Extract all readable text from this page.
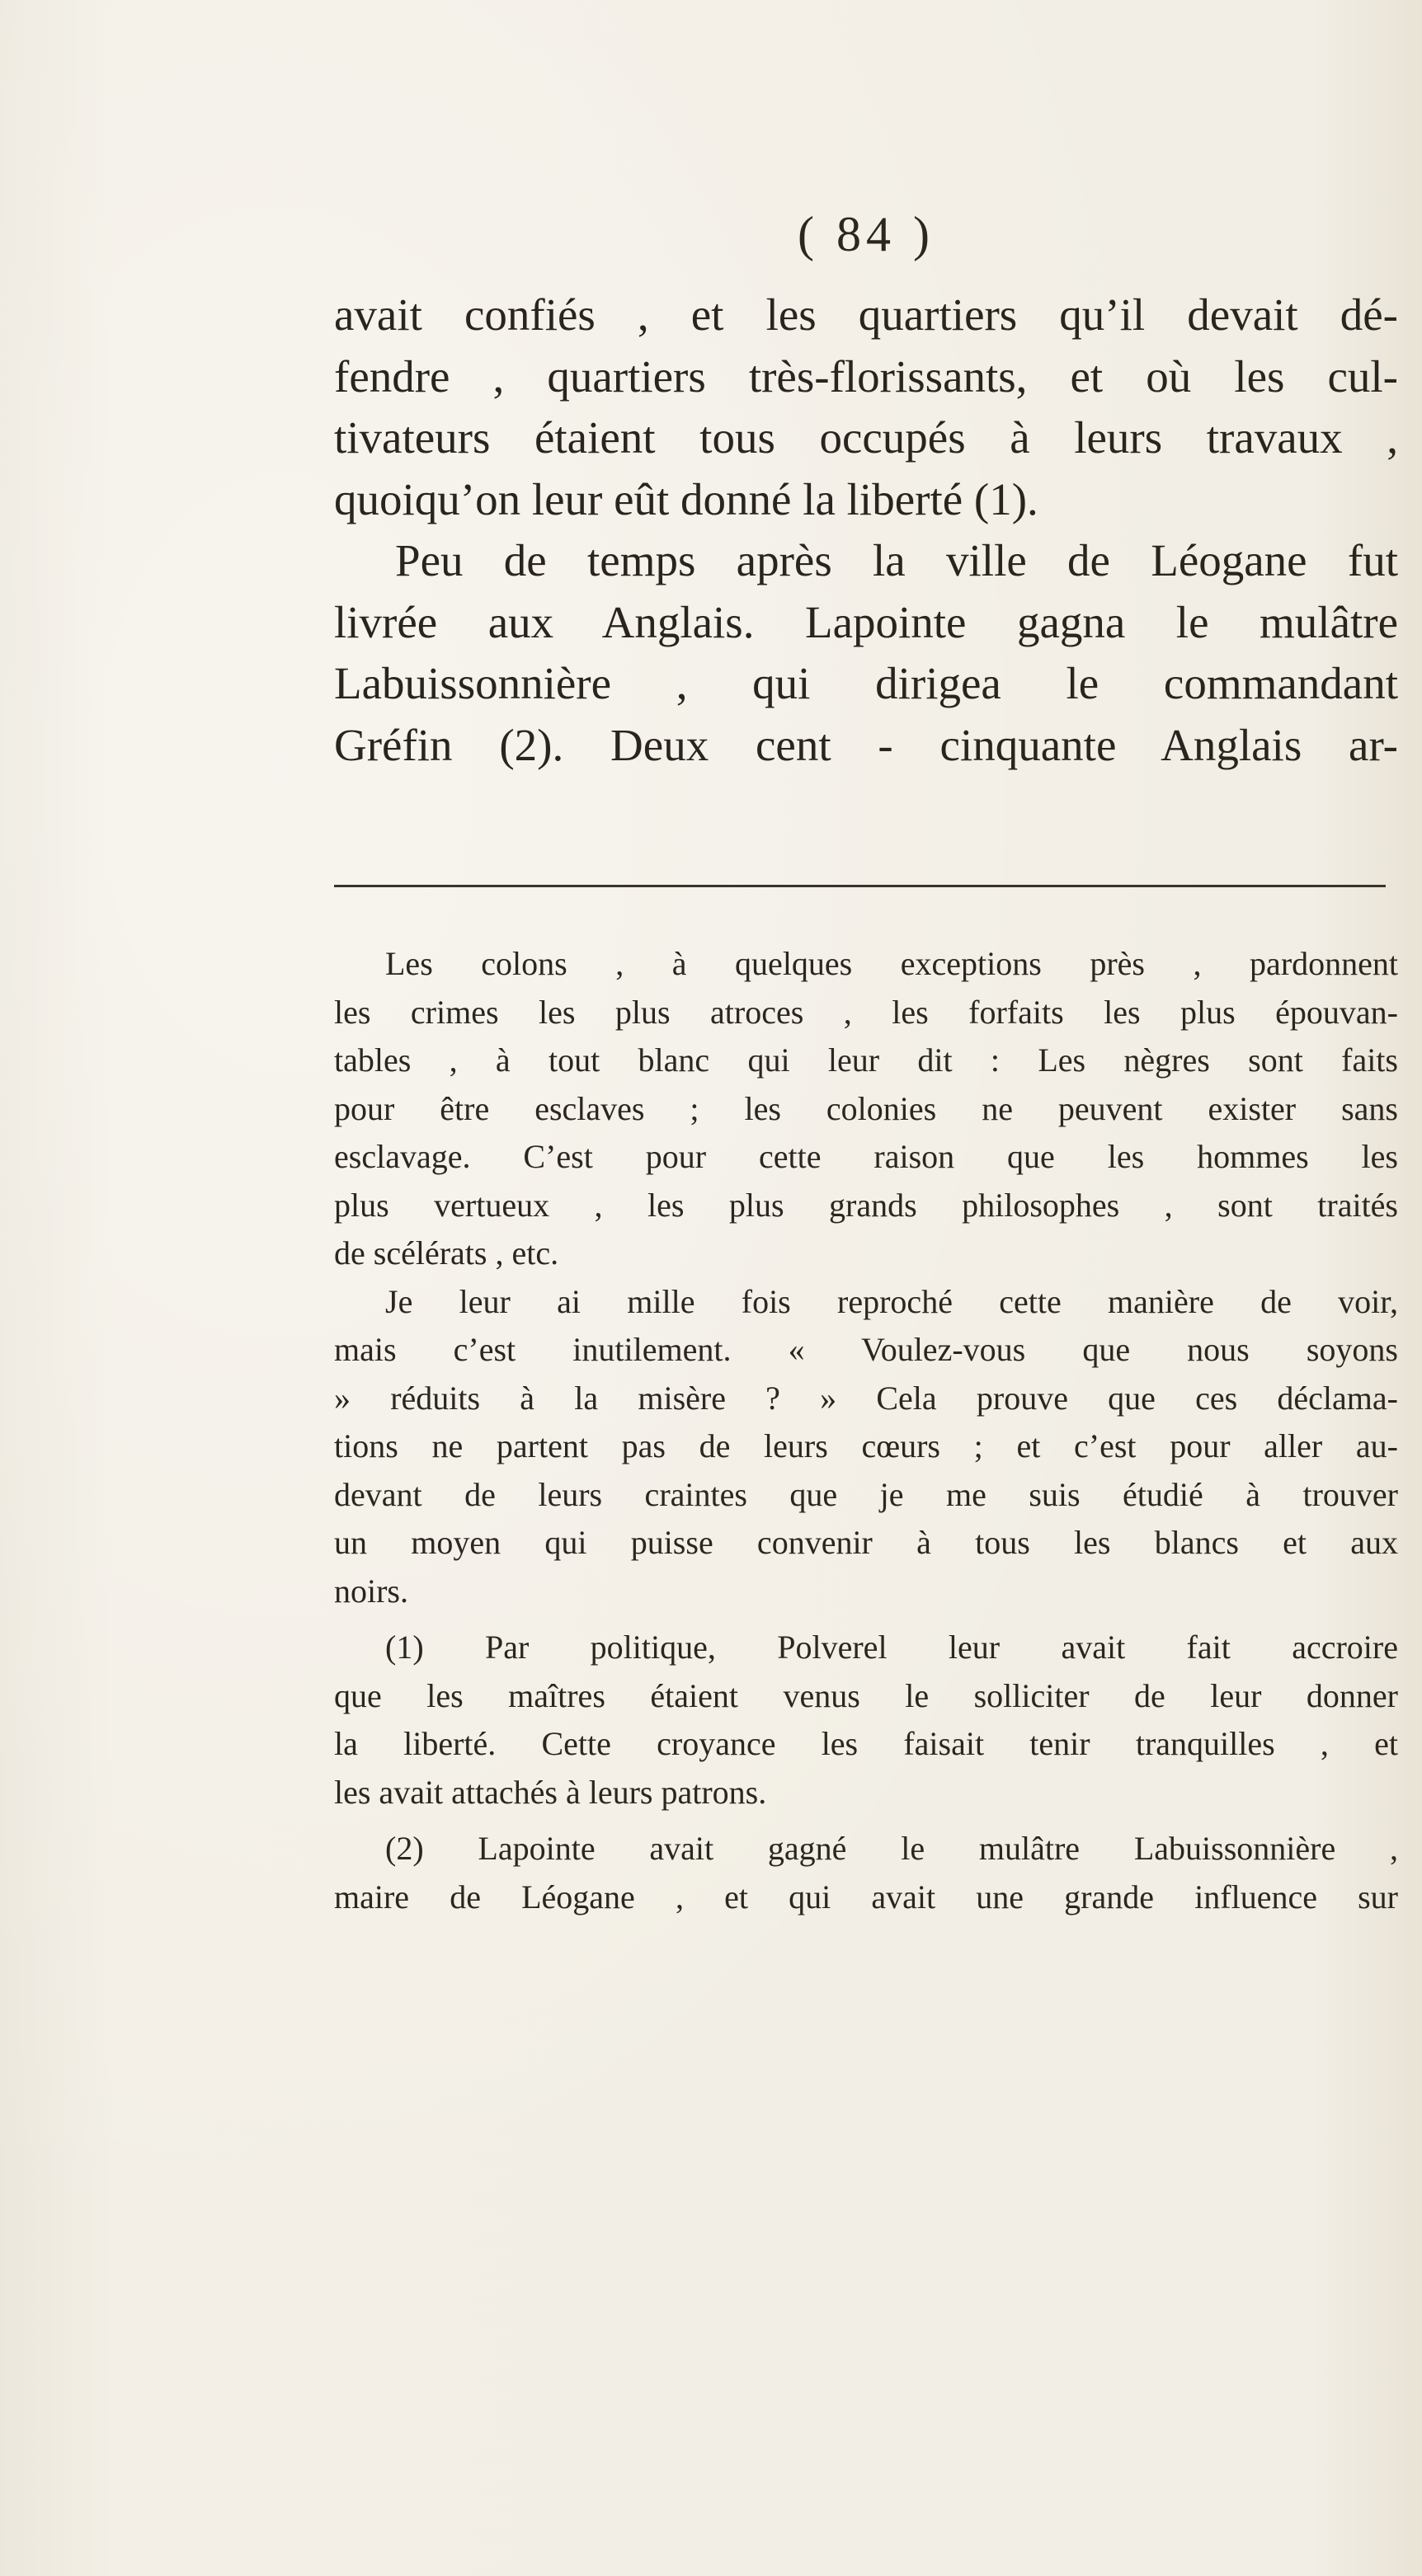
( 84 )
avait confiés , et les quartiers qu’il devait dé-
fendre , quartiers très-florissants, et où les cul-
tivateurs étaient tous occupés à leurs travaux ,
quoiqu’on leur eût donné la liberté (1).
Peu de temps après la ville de Léogane fut
livrée aux Anglais. Lapointe gagna le mulâtre
Labuissonnière , qui dirigea le commandant
Gréfin (2). Deux cent - cinquante Anglais ar-
Les colons , à quelques exceptions près , pardonnent
les crimes les plus atroces , les forfaits les plus épouvan-
tables , à tout blanc qui leur dit : Les nègres sont faits
pour être esclaves ; les colonies ne peuvent exister sans
esclavage. C’est pour cette raison que les hommes les
plus vertueux , les plus grands philosophes , sont traités
de scélérats , etc.
Je leur ai mille fois reproché cette manière de voir,
mais c’est inutilement. « Voulez-vous que nous soyons
» réduits à la misère ? » Cela prouve que ces déclama-
tions ne partent pas de leurs cœurs ; et c’est pour aller au-
devant de leurs craintes que je me suis étudié à trouver
un moyen qui puisse convenir à tous les blancs et aux
noirs.
(1) Par politique, Polverel leur avait fait accroire
que les maîtres étaient venus le solliciter de leur donner
la liberté. Cette croyance les faisait tenir tranquilles , et
les avait attachés à leurs patrons.
(2) Lapointe avait gagné le mulâtre Labuissonnière ,
maire de Léogane , et qui avait une grande influence sur
